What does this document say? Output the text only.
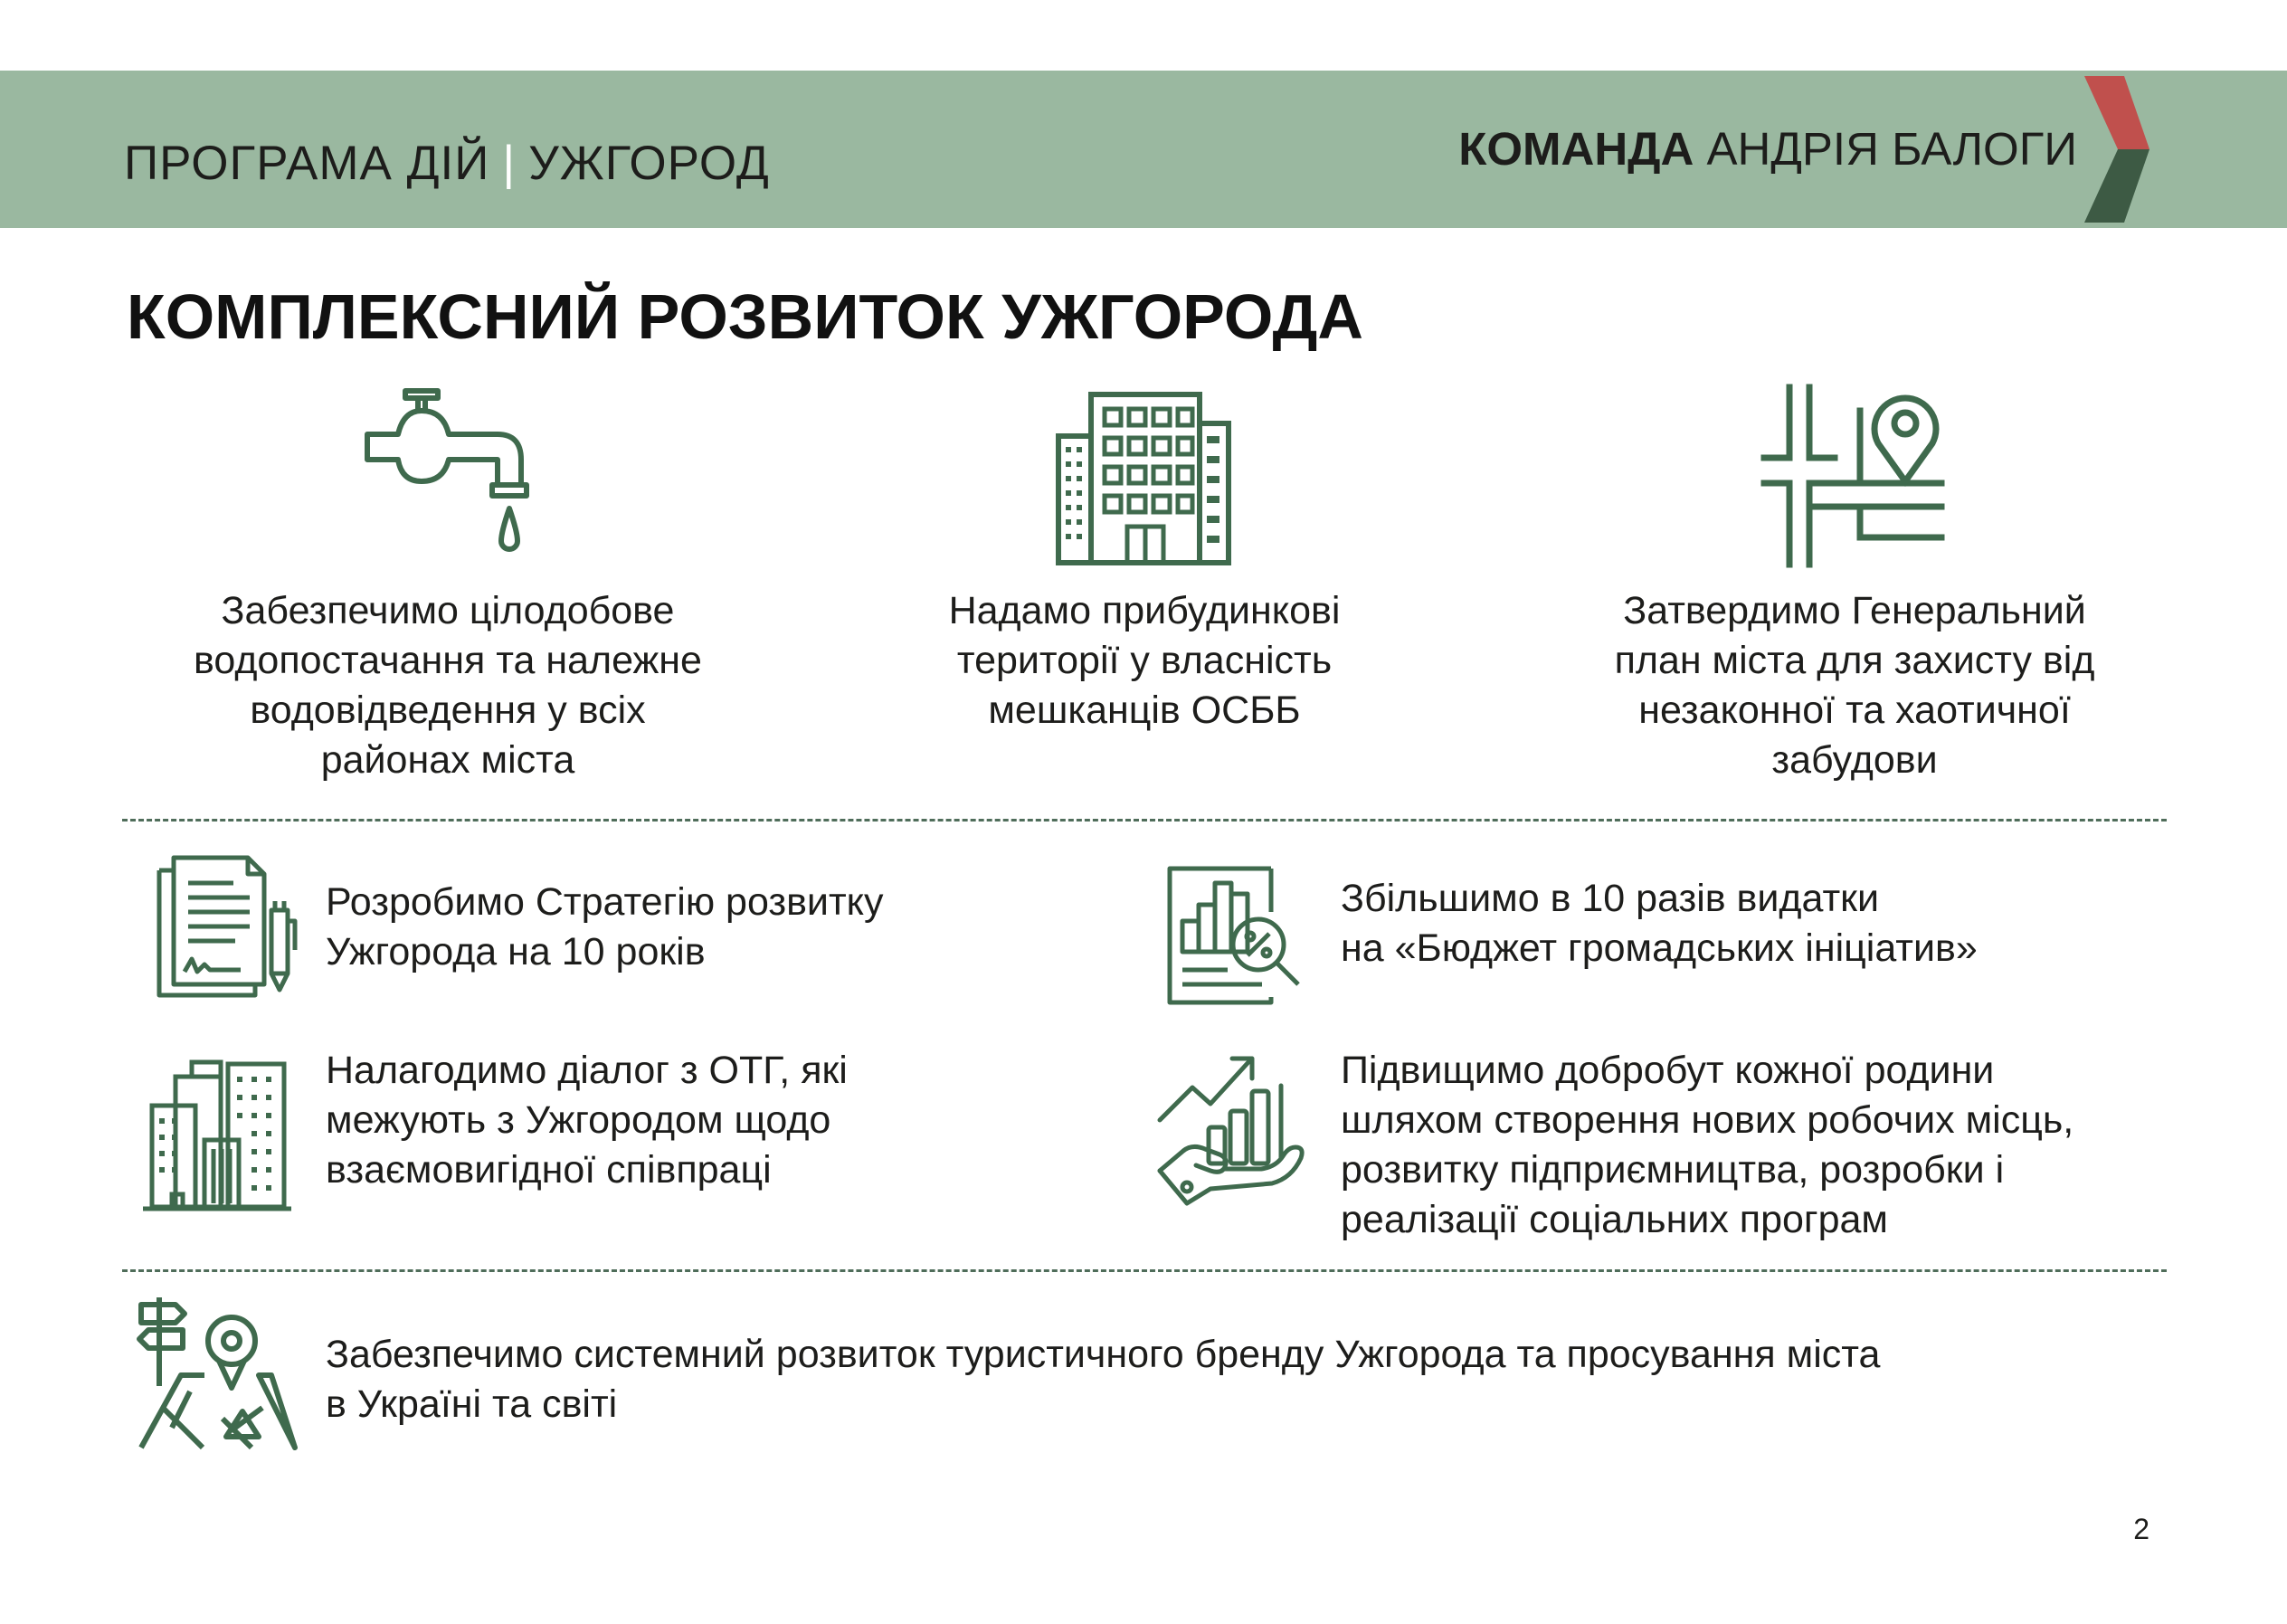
ПРОГРАМА ДІЙ | УЖГОРОД	КОМАНДА АНДРІЯ БАЛОГИ
КОМПЛЕКСНИЙ РОЗВИТОК УЖГОРОДА
Забезпечимо цілодобове
водопостачання та належне
водовідведення у всіх
районах міста
Надамо прибудинкові
території у власність
мешканців ОСББ
Затвердимо Генеральний
план міста для захисту від
незаконної та хаотичної
забудови
Розробимо Стратегію розвитку
Ужгорода на 10 років
Збільшимо в 10 разів видатки
на «Бюджет громадських ініціатив»
Налагодимо діалог з ОТГ, які
межують з Ужгородом щодо
взаємовигідної співпраці
Підвищимо добробут кожної родини
шляхом створення нових робочих місць,
розвитку підприємництва, розробки і
реалізації соціальних програм
Забезпечимо системний розвиток туристичного бренду Ужгорода та просування міста
в Україні та світі
2
